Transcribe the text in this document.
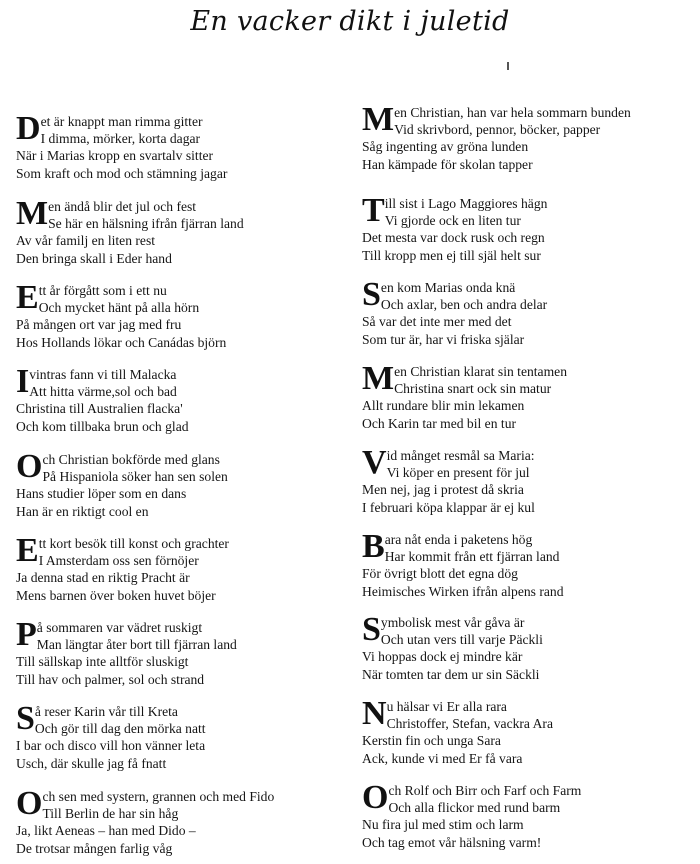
En vacker dikt i juletid
D et är knappt man rimma gitter
I dimma, mörker, korta dagar
När i Marias kropp en svartalv sitter
Som kraft och mod och stämning jagar
M en ändå blir det jul och fest
Se här en hälsning ifrån fjärran land
Av vår familj en liten rest
Den bringa skall i Eder hand
E tt år förgått som i ett nu
Och mycket hänt på alla hörn
På mången ort var jag med fru
Hos Hollands lökar och Canádas björn
I vintras fann vi till Malacka
Att hitta värme,sol och bad
Christina till Australien flacka'
Och kom tillbaka brun och glad
O ch Christian bokförde med glans
På Hispaniola söker han sen solen
Hans studier löper som en dans
Han är en riktigt cool en
E tt kort besök till konst och grachter
I Amsterdam oss sen förnöjer
Ja denna stad en riktig Pracht är
Mens barnen över boken huvet böjer
P å sommaren var vädret ruskigt
Man längtar åter bort till fjärran land
Till sällskap inte alltför sluskigt
Till hav och palmer, sol och strand
S å reser Karin vår till Kreta
Och gör till dag den mörka natt
I bar och disco vill hon vänner leta
Usch, där skulle jag få fnatt
O ch sen med systern, grannen och med Fido
Till Berlin de har sin håg
Ja, likt Aeneas – han med Dido –
De trotsar mången farlig våg
M en Christian, han var hela sommarn bunden
Vid skrivbord, pennor, böcker, papper
Såg ingenting av gröna lunden
Han kämpade för skolan tapper
T ill sist i Lago Maggiores hägn
Vi gjorde ock en liten tur
Det mesta var dock rusk och regn
Till kropp men ej till själ helt sur
S en kom Marias onda knä
Och axlar, ben och andra delar
Så var det inte mer med det
Som tur är, har vi friska själar
M en Christian klarat sin tentamen
Christina snart ock sin matur
Allt rundare blir min lekamen
Och Karin tar med bil en tur
V id månget resmål sa Maria:
Vi köper en present för jul
Men nej, jag i protest då skria
I februari köpa klappar är ej kul
B ara nåt enda i paketens hög
Har kommit från ett fjärran land
För övrigt blott det egna dög
Heimisches Wirken ifrån alpens rand
S ymbolisk mest vår gåva är
Och utan vers till varje Päckli
Vi hoppas dock ej mindre kär
När tomten tar dem ur sin Säckli
N u hälsar vi Er alla rara
Christoffer, Stefan, vackra Ara
Kerstin fin och unga Sara
Ack, kunde vi med Er få vara
O ch Rolf och Birr och Farf och Farm
Och alla flickor med rund barm
Nu fira jul med stim och larm
Och tag emot vår hälsning varm!
